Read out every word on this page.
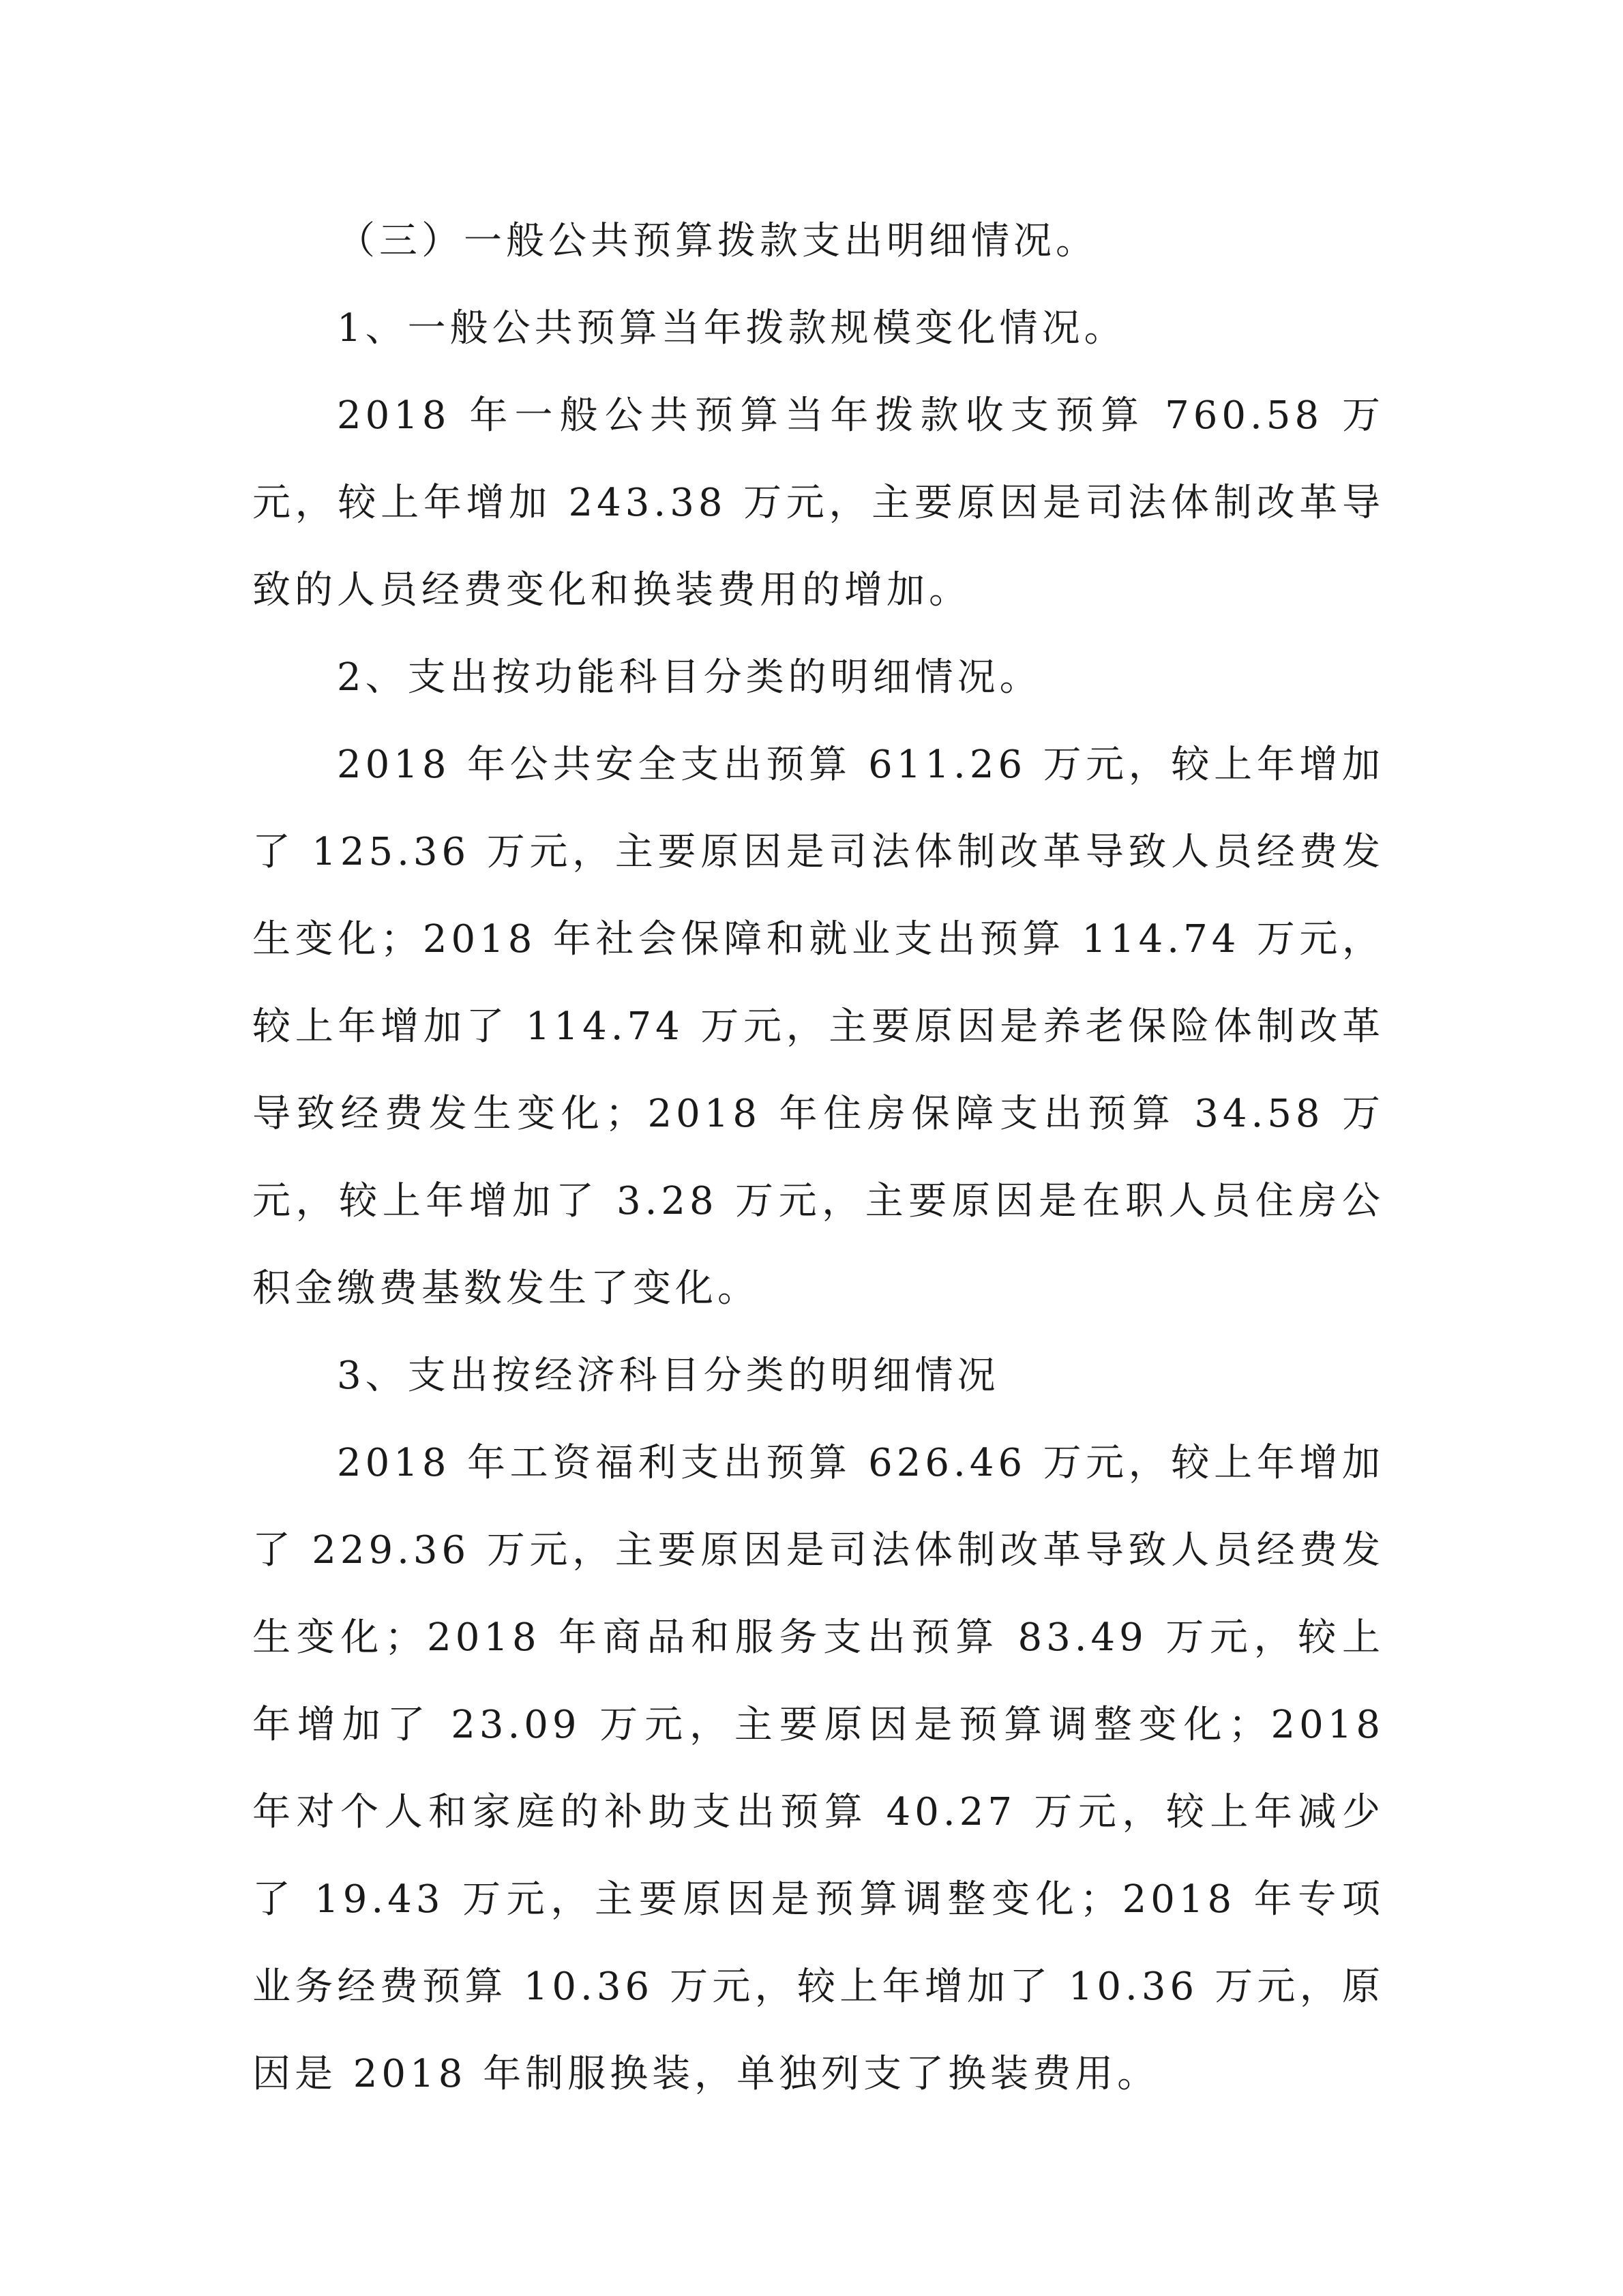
（三）一般公共预算拨款支出明细情况。

1、一般公共预算当年拨款规模变化情况。

2018 年一般公共预算当年拨款收支预算 760.58 万元，较上年增加 243.38 万元，主要原因是司法体制改革导致的人员经费变化和换装费用的增加。

2、支出按功能科目分类的明细情况。

2018 年公共安全支出预算 611.26 万元，较上年增加了 125.36 万元，主要原因是司法体制改革导致人员经费发生变化；2018 年社会保障和就业支出预算 114.74 万元，较上年增加了 114.74 万元，主要原因是养老保险体制改革导致经费发生变化；2018 年住房保障支出预算 34.58 万元，较上年增加了 3.28 万元，主要原因是在职人员住房公积金缴费基数发生了变化。

3、支出按经济科目分类的明细情况

2018 年工资福利支出预算 626.46 万元，较上年增加了 229.36 万元，主要原因是司法体制改革导致人员经费发生变化；2018 年商品和服务支出预算 83.49 万元，较上年增加了 23.09 万元，主要原因是预算调整变化；2018 年对个人和家庭的补助支出预算 40.27 万元，较上年减少了 19.43 万元，主要原因是预算调整变化；2018 年专项业务经费预算 10.36 万元，较上年增加了 10.36 万元，原因是 2018 年制服换装，单独列支了换装费用。
